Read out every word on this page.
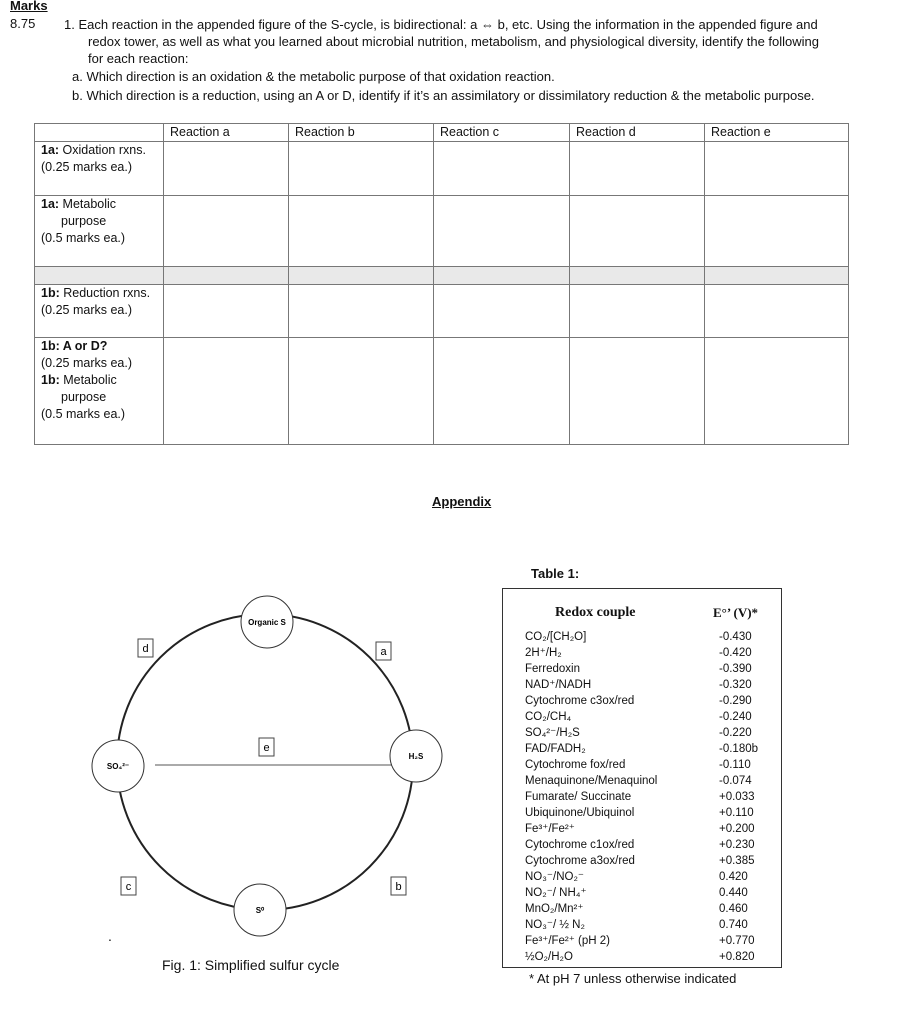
Marks
8.75 1. Each reaction in the appended figure of the S-cycle, is bidirectional: a ⇔ b, etc. Using the information in the appended figure and
redox tower, as well as what you learned about microbial nutrition, metabolism, and physiological diversity, identify the following
for each reaction:
a. Which direction is an oxidation & the metabolic purpose of that oxidation reaction.
b. Which direction is a reduction, using an A or D, identify if it’s an assimilatory or dissimilatory reduction & the metabolic purpose.
	Reaction a	Reaction b	Reaction c	Reaction d	Reaction e
1a: Oxidation rxns.
(0.25 marks ea.)					
1a: Metabolic
purpose
(0.5 marks ea.)					

1b: Reduction rxns.
(0.25 marks ea.)					
1b: A or D?
(0.25 marks ea.)
1b: Metabolic
purpose
(0.5 marks ea.)					
Appendix
Organic S
SO₄²⁻
H₂S
S⁰
a
b
c
d
e
.
Fig. 1: Simplified sulfur cycle
Table 1:
Redox couple	E°’ (V)*
CO₂/[CH₂O]	-0.430
2H⁺/H₂	-0.420
Ferredoxin	-0.390
NAD⁺/NADH	-0.320
Cytochrome c3ox/red	-0.290
CO₂/CH₄	-0.240
SO₄²⁻/H₂S	-0.220
FAD/FADH₂	-0.180b
Cytochrome fox/red	-0.110
Menaquinone/Menaquinol	-0.074
Fumarate/ Succinate	+0.033
Ubiquinone/Ubiquinol	+0.110
Fe³⁺/Fe²⁺	+0.200
Cytochrome c1ox/red	+0.230
Cytochrome a3ox/red	+0.385
NO₃⁻/NO₂⁻	0.420
NO₂⁻/ NH₄⁺	0.440
MnO₂/Mn²⁺	0.460
NO₃⁻/ ½ N₂	0.740
Fe³⁺/Fe²⁺ (pH 2)	+0.770
½O₂/H₂O	+0.820
* At pH 7 unless otherwise indicated
